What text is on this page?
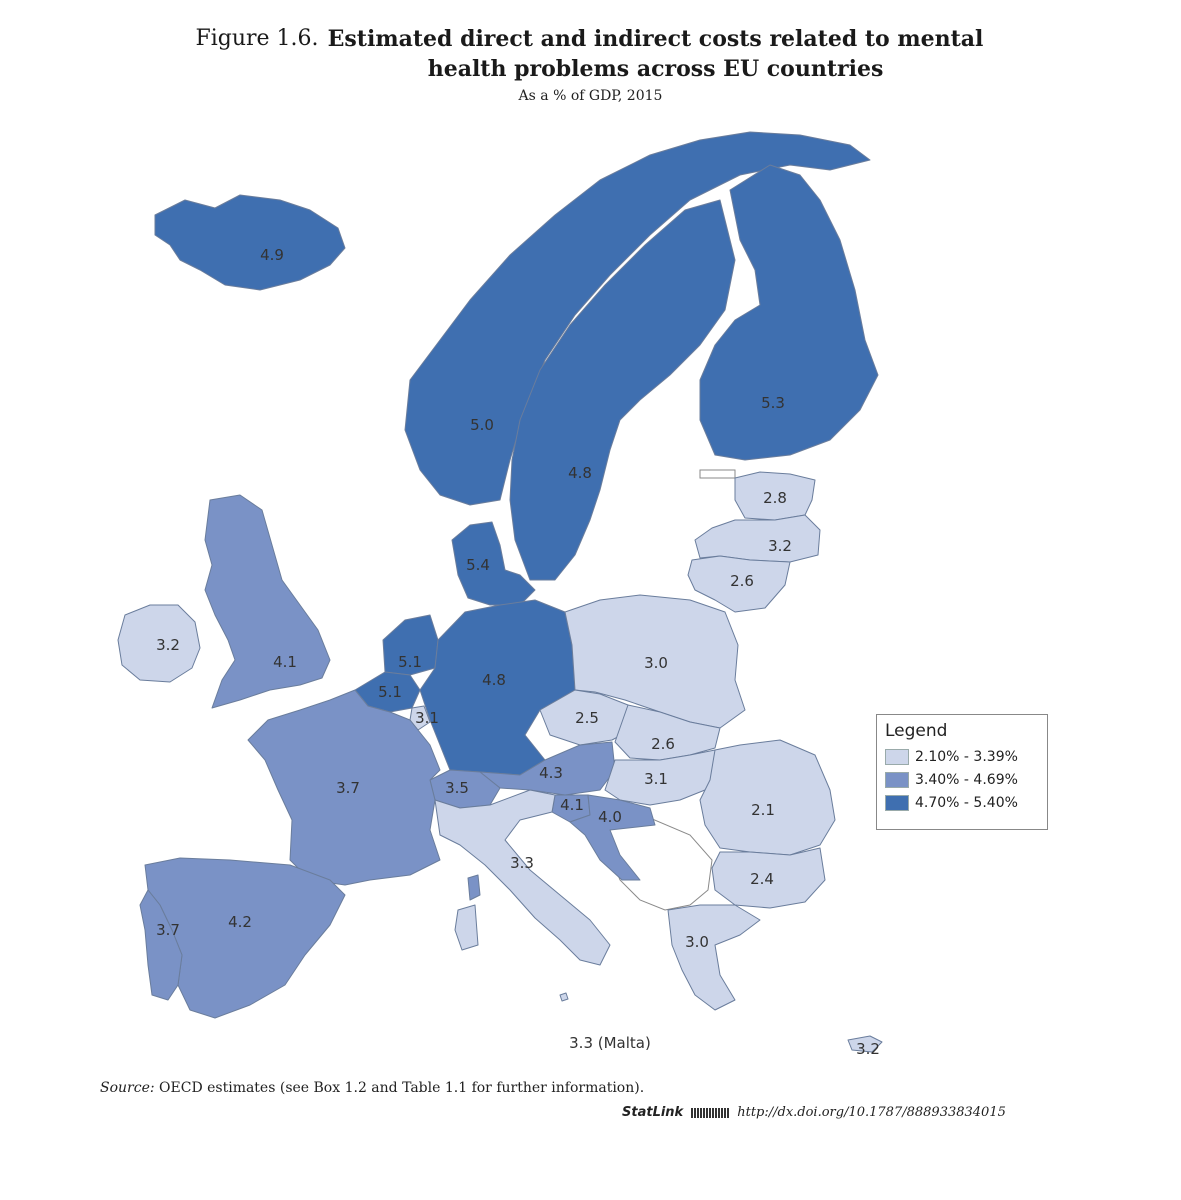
Figure 1.6. Estimated direct and indirect costs related to mental health problems across EU countries
As a % of GDP, 2015
4.9
5.0
4.8
5.3
2.8
3.2
2.6
5.4
3.2
4.1	5.1
5.1
3.1
4.8
3.0
2.5
2.6
4.3	3.1
2.1
2.4
4.1
4.0
3.5
3.7
3.3
4.2
3.7
3.0
3.2
3.3 (Malta)
Legend
2.10% - 3.39%
3.40% - 4.69%
4.70% - 5.40%
Source: OECD estimates (see Box 1.2 and Table 1.1 for further information).
StatLink	http://dx.doi.org/10.1787/888933834015
